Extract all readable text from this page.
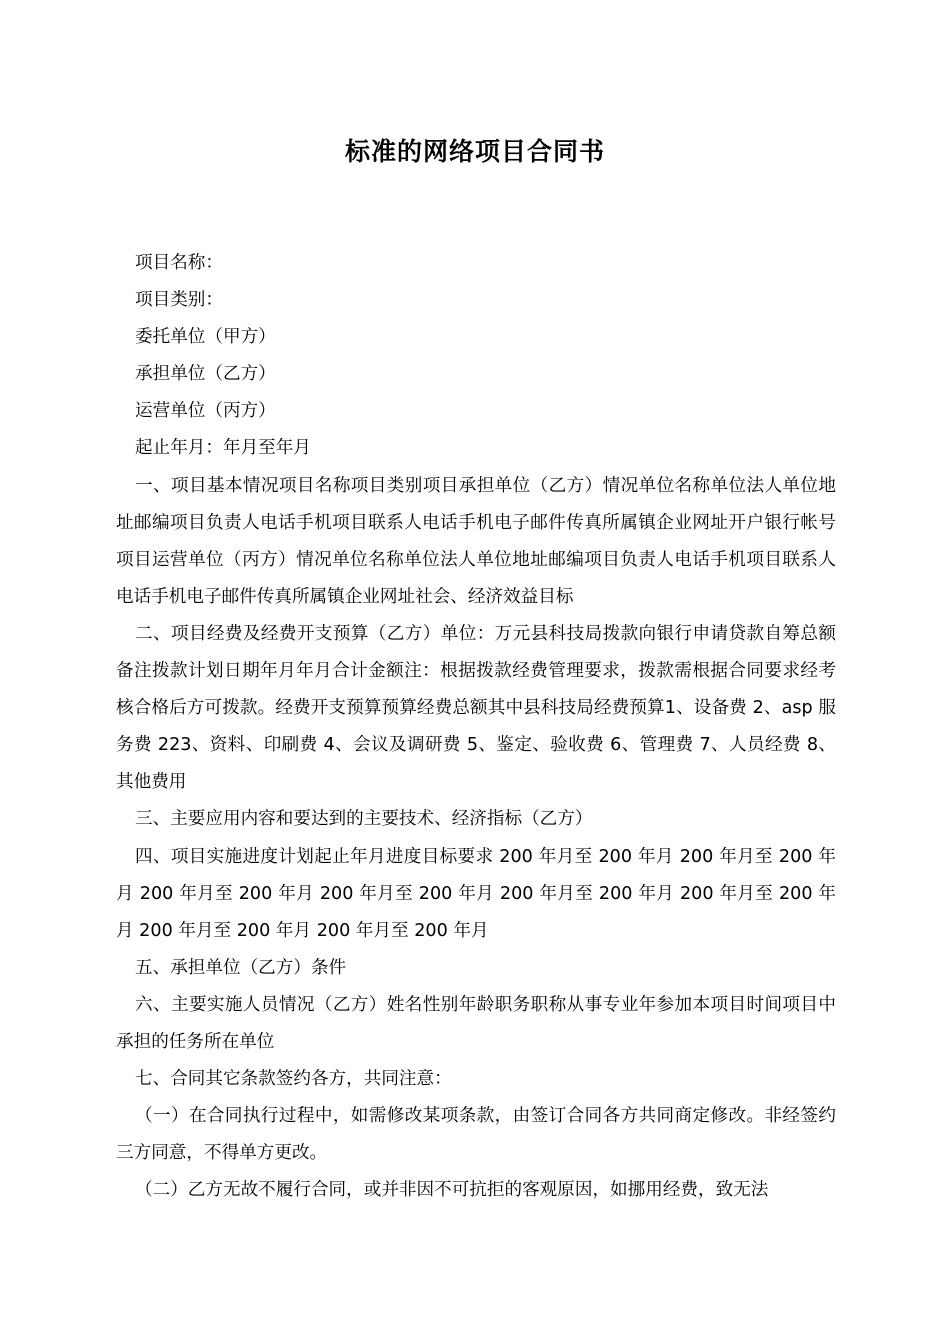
标准的网络项目合同书

项目名称：

项目类别：

委托单位（甲方）

承担单位（乙方）

运营单位（丙方）

起止年月：年月至年月

一、项目基本情况项目名称项目类别项目承担单位（乙方）情况单位名称单位法人单位地址邮编项目负责人电话手机项目联系人电话手机电子邮件传真所属镇企业网址开户银行帐号项目运营单位（丙方）情况单位名称单位法人单位地址邮编项目负责人电话手机项目联系人电话手机电子邮件传真所属镇企业网址社会、经济效益目标

二、项目经费及经费开支预算（乙方）单位：万元县科技局拨款向银行申请贷款自筹总额备注拨款计划日期年月年月合计金额注：根据拨款经费管理要求，拨款需根据合同要求经考核合格后方可拨款。经费开支预算预算经费总额其中县科技局经费预算1、设备费 2、asp 服务费 223、资料、印刷费 4、会议及调研费 5、鉴定、验收费 6、管理费 7、人员经费 8、其他费用

三、主要应用内容和要达到的主要技术、经济指标（乙方）

四、项目实施进度计划起止年月进度目标要求 200 年月至 200 年月 200 年月至 200 年月 200 年月至 200 年月 200 年月至 200 年月 200 年月至 200 年月 200 年月至 200 年月 200 年月至 200 年月 200 年月至 200 年月

五、承担单位（乙方）条件

六、主要实施人员情况（乙方）姓名性别年龄职务职称从事专业年参加本项目时间项目中承担的任务所在单位

七、合同其它条款签约各方，共同注意：

（一）在合同执行过程中，如需修改某项条款，由签订合同各方共同商定修改。非经签约三方同意，不得单方更改。

（二）乙方无故不履行合同，或并非因不可抗拒的客观原因，如挪用经费，致无法
